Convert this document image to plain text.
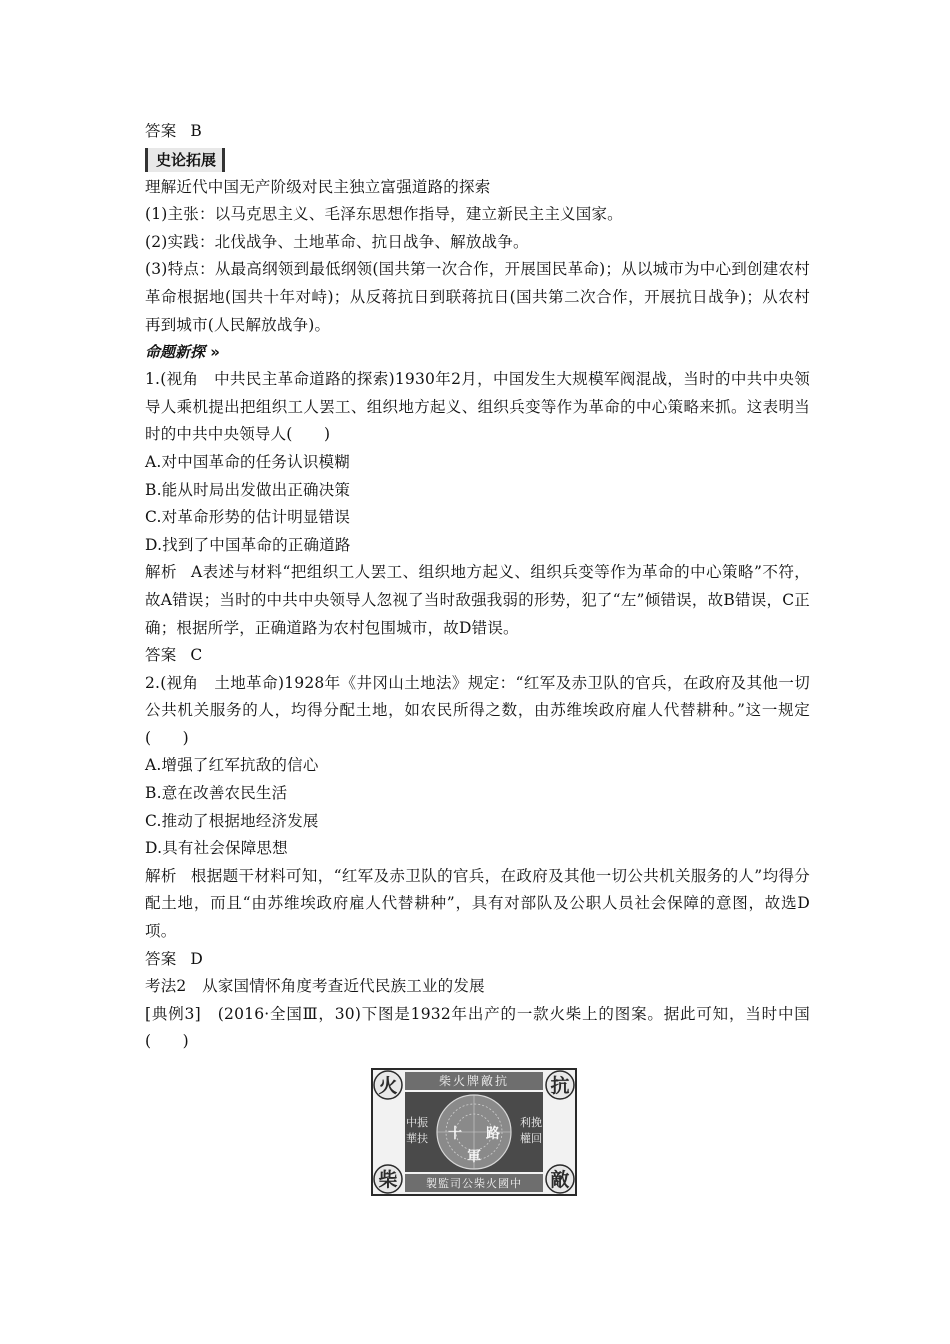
答案 B
史论拓展
理解近代中国无产阶级对民主独立富强道路的探索
(1)主张：以马克思主义、毛泽东思想作指导，建立新民主主义国家。
(2)实践：北伐战争、土地革命、抗日战争、解放战争。
(3)特点：从最高纲领到最低纲领(国共第一次合作，开展国民革命)；从以城市为中心到创建农村革命根据地(国共十年对峙)；从反蒋抗日到联蒋抗日(国共第二次合作，开展抗日战争)；从农村再到城市(人民解放战争)。
命题新探 »
1.(视角　中共民主革命道路的探索)1930年2月，中国发生大规模军阀混战，当时的中共中央领导人乘机提出把组织工人罢工、组织地方起义、组织兵变等作为革命的中心策略来抓。这表明当时的中共中央领导人(　　)
A.对中国革命的任务认识模糊
B.能从时局出发做出正确决策
C.对革命形势的估计明显错误
D.找到了中国革命的正确道路
解析 A表述与材料“把组织工人罢工、组织地方起义、组织兵变等作为革命的中心策略”不符，故A错误；当时的中共中央领导人忽视了当时敌强我弱的形势，犯了“左”倾错误，故B错误，C正确；根据所学，正确道路为农村包围城市，故D错误。
答案 C
2.(视角　土地革命)1928年《井冈山土地法》规定：“红军及赤卫队的官兵，在政府及其他一切公共机关服务的人，均得分配土地，如农民所得之数，由苏维埃政府雇人代替耕种。”这一规定(　　)
A.增强了红军抗敌的信心
B.意在改善农民生活
C.推动了根据地经济发展
D.具有社会保障思想
解析 根据题干材料可知，“红军及赤卫队的官兵，在政府及其他一切公共机关服务的人”均得分配土地，而且“由苏维埃政府雇人代替耕种”，具有对部队及公职人员社会保障的意图，故选D项。
答案 D
考法2　从家国情怀角度考查近代民族工业的发展
[典例3]　(2016·全国Ⅲ，30)下图是1932年出产的一款火柴上的图案。据此可知，当时中国(　　)
柴火牌敵抗
製監司公柴火國中
火	抗
柴	敵
中振
華扶
利挽
權回
十 路
軍
